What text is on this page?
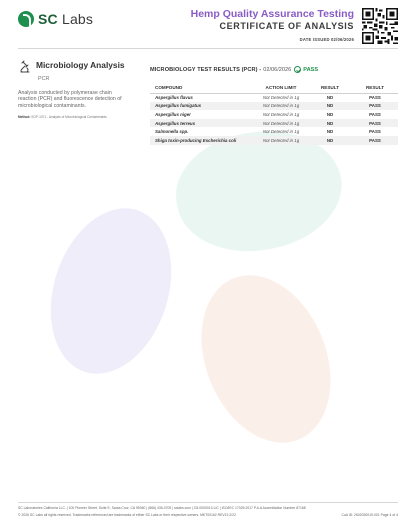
SC Labs	Hemp Quality Assurance Testing
CERTIFICATE OF ANALYSIS
DATE ISSUED 02/06/2026
Microbiology Analysis
PCR
Analysis conducted by polymerase chain reaction (PCR) and fluorescence detection of microbiological contaminants.
Method: SOP-1071 - Analysis of Microbiological Contaminants
MICROBIOLOGY TEST RESULTS (PCR) - 02/06/2026 PASS
COMPOUND	ACTION LIMIT	RESULT	RESULT
Aspergillus flavus	Not Detected in 1g	ND	PASS
Aspergillus fumigatus	Not Detected in 1g	ND	PASS
Aspergillus niger	Not Detected in 1g	ND	PASS
Aspergillus terreus	Not Detected in 1g	ND	PASS
Salmonella spp.	Not Detected in 1g	ND	PASS
Shiga toxin-producing Escherichia coli	Not Detected in 1g	ND	PASS
SC Laboratories California LLC. | 100 Pioneer Street, Suite E, Santa Cruz, CA 95060 | (866) 435-0709 | sclabs.com | C8-0000013-LIC | ISO/IEC 17025:2017 P.A.A Accreditation Number 87168
© 2026 SC Labs all rights reserved. Trademarks referenced are trademarks of either SC Labs or their respective owners. MKT00162 REV13 2/22	CoA ID: 2602030019-001 Page 4 of 4
